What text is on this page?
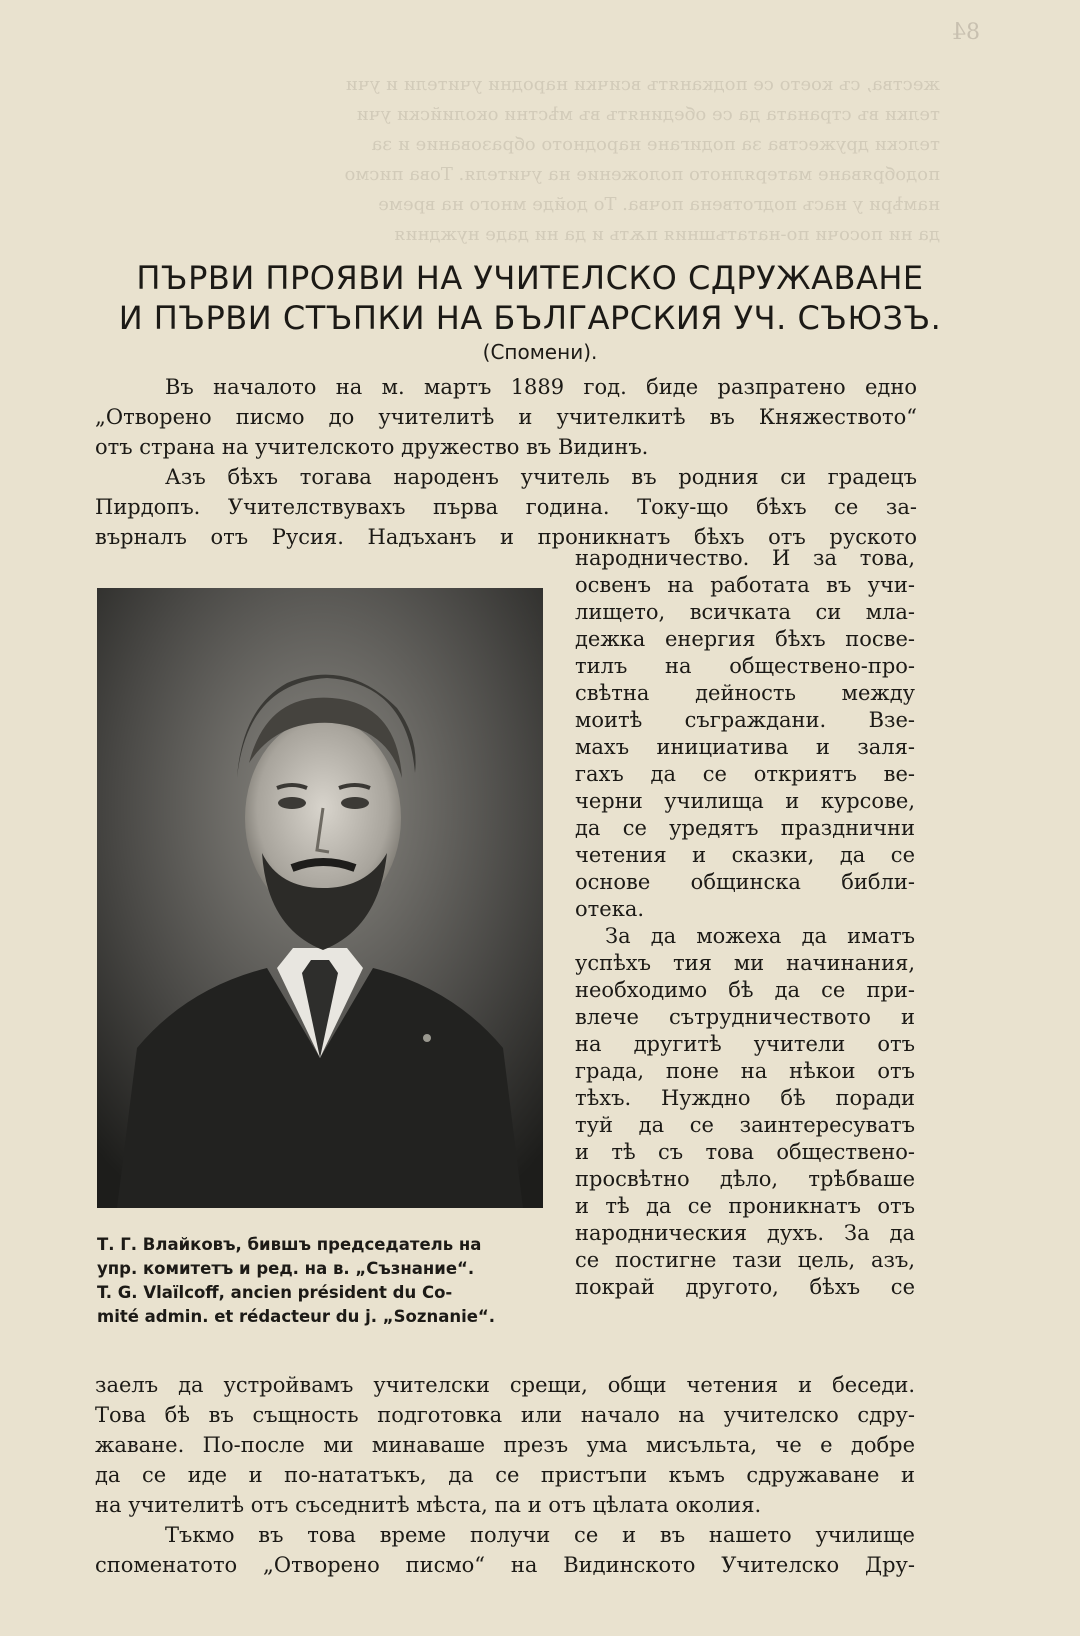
84
жества, съ което се подканятъ всички народни учители и учи
телки въ страната да се обединятъ въ мѣстни околийски учи
телски дружества за подигане народното образование и за
подобряване матерялното положение на учителя. Това писмо
намѣри у насъ подготвена почва. То дойде много на време
да ни посочи по-нататъшния пѫть и да ни даде нуждния
ПЪРВИ ПРОЯВИ НА УЧИТЕЛСКО СДРУЖАВАНЕ
И ПЪРВИ СТЪПКИ НА БЪЛГАРСКИЯ УЧ. СЪЮЗЪ.
(Спомени).
Въ началото на м. мартъ 1889 год. биде разпратено едно
„Отворено писмо до учителитѣ и учителкитѣ въ Княжеството“
отъ страна на учителското дружество въ Видинъ.
Азъ бѣхъ тогава народенъ учитель въ родния си градецъ
Пирдопъ. Учителствувахъ първа година. Току-що бѣхъ се за-
върналъ отъ Русия. Надъханъ и проникнатъ бѣхъ отъ руското
Т. Г. Влайковъ, бившъ председатель на
упр. комитетъ и ред. на в. „Съзнание“.
T. G. Vlaïlcoff, ancien président du Co-
mité admin. et rédacteur du j. „Soznanie“.
народничество. И за това,
освенъ на работата въ учи-
лището, всичката си мла-
дежка енергия бѣхъ посве-
тилъ на обществено-про-
свѣтна дейность между
моитѣ съграждани. Взе-
махъ инициатива и заля-
гахъ да се откриятъ ве-
черни училища и курсове,
да се уредятъ празднични
четения и сказки, да се
основе общинска библи-
отека.
За да можеха да иматъ
успѣхъ тия ми начинания,
необходимо бѣ да се при-
влече сътрудничеството и
на другитѣ учители отъ
града, поне на нѣкои отъ
тѣхъ. Нуждно бѣ поради
туй да се заинтересуватъ
и тѣ съ това обществено-
просвѣтно дѣло, трѣбваше
и тѣ да се проникнатъ отъ
народническия духъ. За да
се постигне тази цель, азъ,
покрай другото, бѣхъ се
заелъ да устройвамъ учителски срещи, общи четения и беседи.
Това бѣ въ същность подготовка или начало на учителско сдру-
жаване. По-после ми минаваше презъ ума мисъльта, че е добре
да се иде и по-нататъкъ, да се пристъпи къмъ сдружаване и
на учителитѣ отъ съседнитѣ мѣста, па и отъ цѣлата околия.
Тъкмо въ това време получи се и въ нашето училище
споменатото „Отворено писмо“ на Видинското Учителско Дру-
